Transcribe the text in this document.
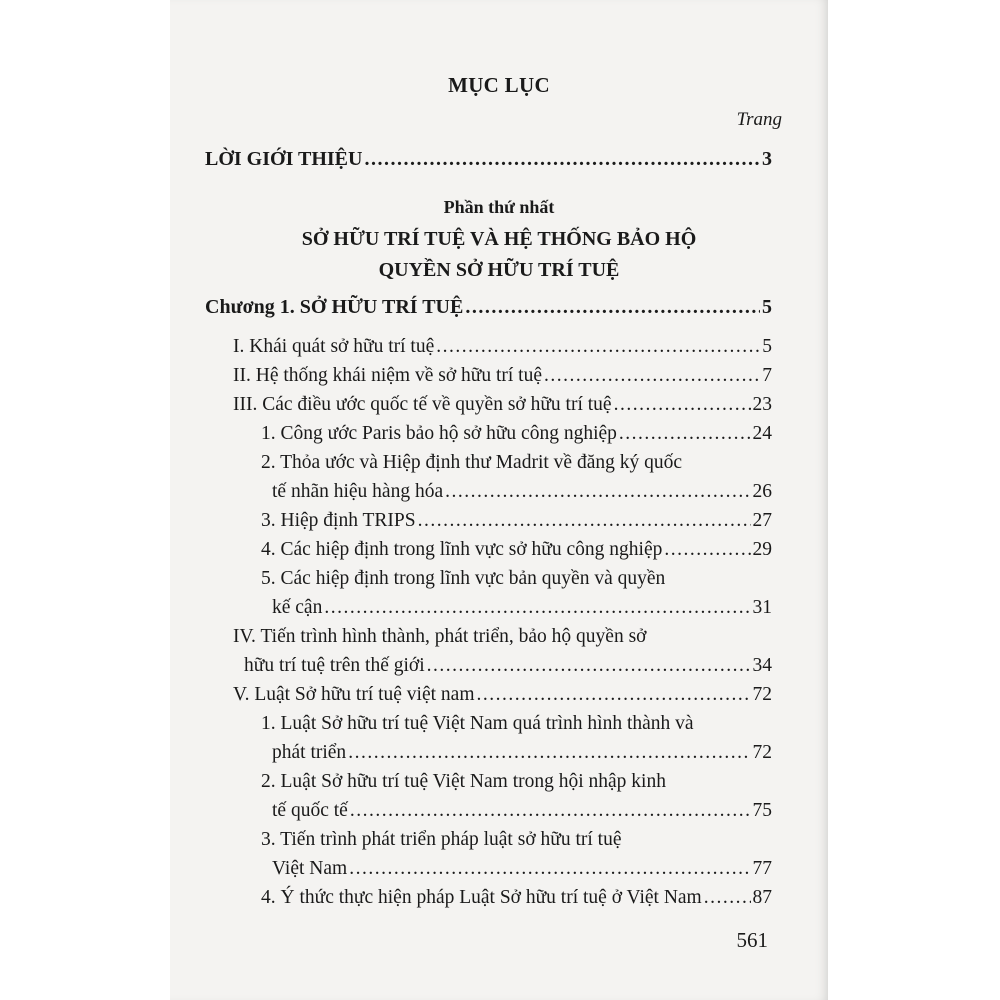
MỤC LỤC
Trang
LỜI GIỚI THIỆU .....	3
Phần thứ nhất
SỞ HỮU TRÍ TUỆ VÀ HỆ THỐNG BẢO HỘ
QUYỀN SỞ HỮU TRÍ TUỆ
Chương 1. SỞ HỮU TRÍ TUỆ .....	5
I. Khái quát sở hữu trí tuệ .....	5
II. Hệ thống khái niệm về sở hữu trí tuệ .....	7
III. Các điều ước quốc tế về quyền sở hữu trí tuệ .....	23
1. Công ước Paris bảo hộ sở hữu công nghiệp .....	24
2. Thỏa ước và Hiệp định thư Madrit về đăng ký quốc
tế nhãn hiệu hàng hóa .....	26
3. Hiệp định TRIPS .....	27
4. Các hiệp định trong lĩnh vực sở hữu công nghiệp .....	29
5. Các hiệp định trong lĩnh vực bản quyền và quyền
kế cận .....	31
IV. Tiến trình hình thành, phát triển, bảo hộ quyền sở
hữu trí tuệ trên thế giới .....	34
V. Luật Sở hữu trí tuệ việt nam .....	72
1. Luật Sở hữu trí tuệ Việt Nam quá trình hình thành và
phát triển .....	72
2. Luật Sở hữu trí tuệ Việt Nam trong hội nhập kinh
tế quốc tế .....	75
3. Tiến trình phát triển pháp luật sở hữu trí tuệ
Việt Nam .....	77
4. Ý thức thực hiện pháp Luật Sở hữu trí tuệ ở Việt Nam .....	87
561
